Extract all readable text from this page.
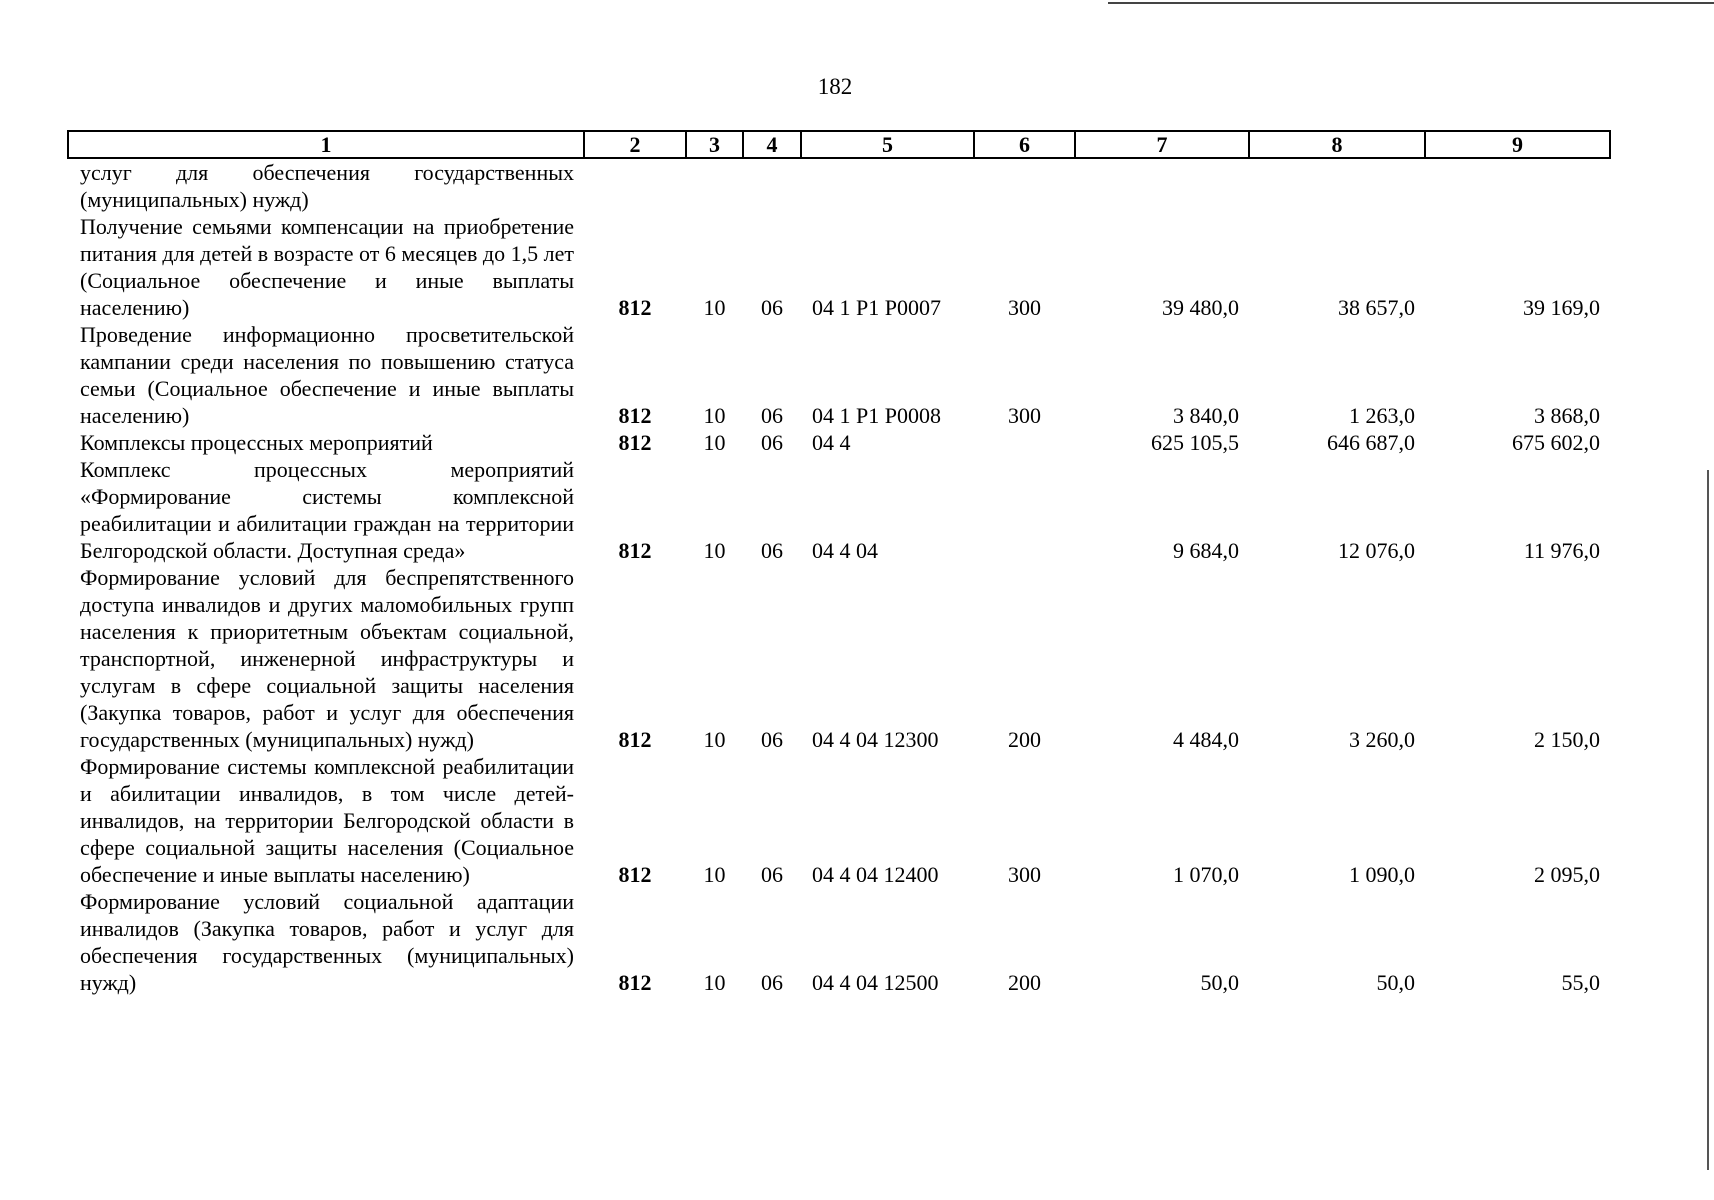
182
1	2	3	4	5	6	7	8	9
услуг для обеспечения государственных (муниципальных) нужд)								
Получение семьями компенсации на приобретение питания для детей в возрасте от 6 месяцев до 1,5 лет (Социальное обеспечение и иные выплаты населению)	812	10	06	04 1 Р1 Р0007	300	39 480,0	38 657,0	39 169,0
Проведение информационно просветительской кампании среди населения по повышению статуса семьи (Социальное обеспечение и иные выплаты населению)	812	10	06	04 1 Р1 Р0008	300	3 840,0	1 263,0	3 868,0
Комплексы процессных мероприятий	812	10	06	04 4		625 105,5	646 687,0	675 602,0
Комплекс процессных мероприятий «Формирование системы комплексной реабилитации и абилитации граждан на территории Белгородской области. Доступная среда»	812	10	06	04 4 04		9 684,0	12 076,0	11 976,0
Формирование условий для беспрепятственного доступа инвалидов и других маломобильных групп населения к приоритетным объектам социальной, транспортной, инженерной инфраструктуры и услугам в сфере социальной защиты населения (Закупка товаров, работ и услуг для обеспечения государственных (муниципальных) нужд)	812	10	06	04 4 04 12300	200	4 484,0	3 260,0	2 150,0
Формирование системы комплексной реабилитации и абилитации инвалидов, в том числе детей-инвалидов, на территории Белгородской области в сфере социальной защиты населения (Социальное обеспечение и иные выплаты населению)	812	10	06	04 4 04 12400	300	1 070,0	1 090,0	2 095,0
Формирование условий социальной адаптации инвалидов (Закупка товаров, работ и услуг для обеспечения государственных (муниципальных) нужд)	812	10	06	04 4 04 12500	200	50,0	50,0	55,0
